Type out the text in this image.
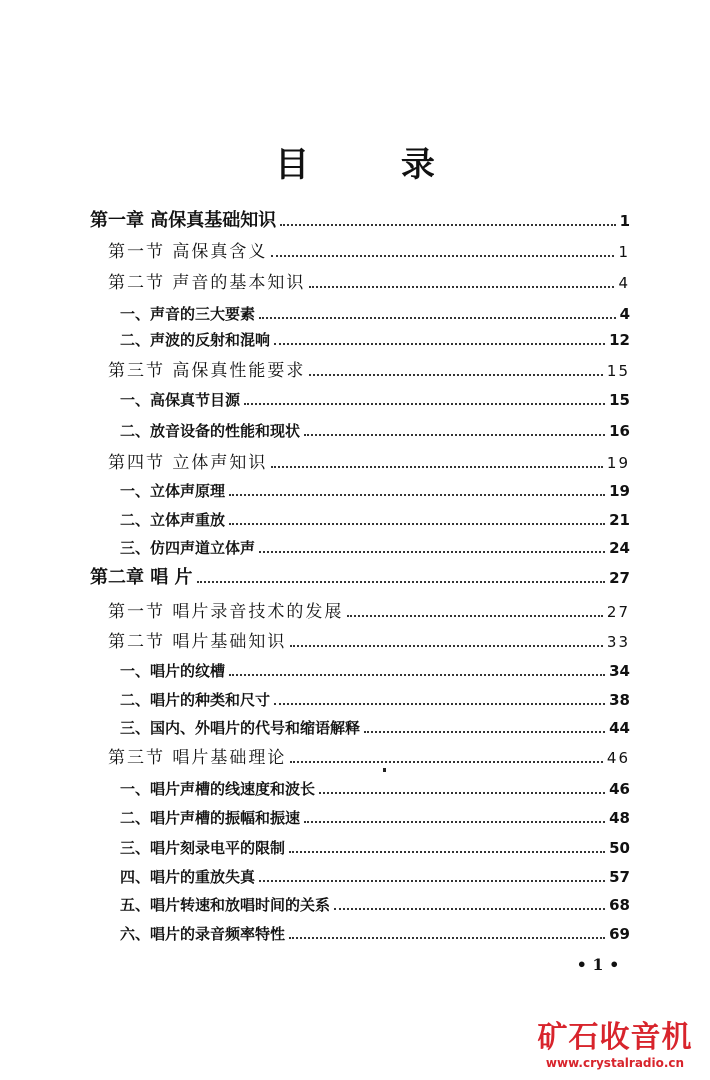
目 录
第一章 高保真基础知识	1
第一节 高保真含义	1
第二节 声音的基本知识	4
一、声音的三大要素	4
二、声波的反射和混响	12
第三节 高保真性能要求	15
一、高保真节目源	15
二、放音设备的性能和现状	16
第四节 立体声知识	19
一、立体声原理	19
二、立体声重放	21
三、仿四声道立体声	24
第二章 唱 片	27
第一节 唱片录音技术的发展	27
第二节 唱片基础知识	33
一、唱片的纹槽	34
二、唱片的种类和尺寸	38
三、国内、外唱片的代号和缩语解释	44
第三节 唱片基础理论	46
一、唱片声槽的线速度和波长	46
二、唱片声槽的振幅和振速	48
三、唱片刻录电平的限制	50
四、唱片的重放失真	57
五、唱片转速和放唱时间的关系	68
六、唱片的录音频率特性	69
• 1 •
矿石收音机
www.crystalradio.cn
